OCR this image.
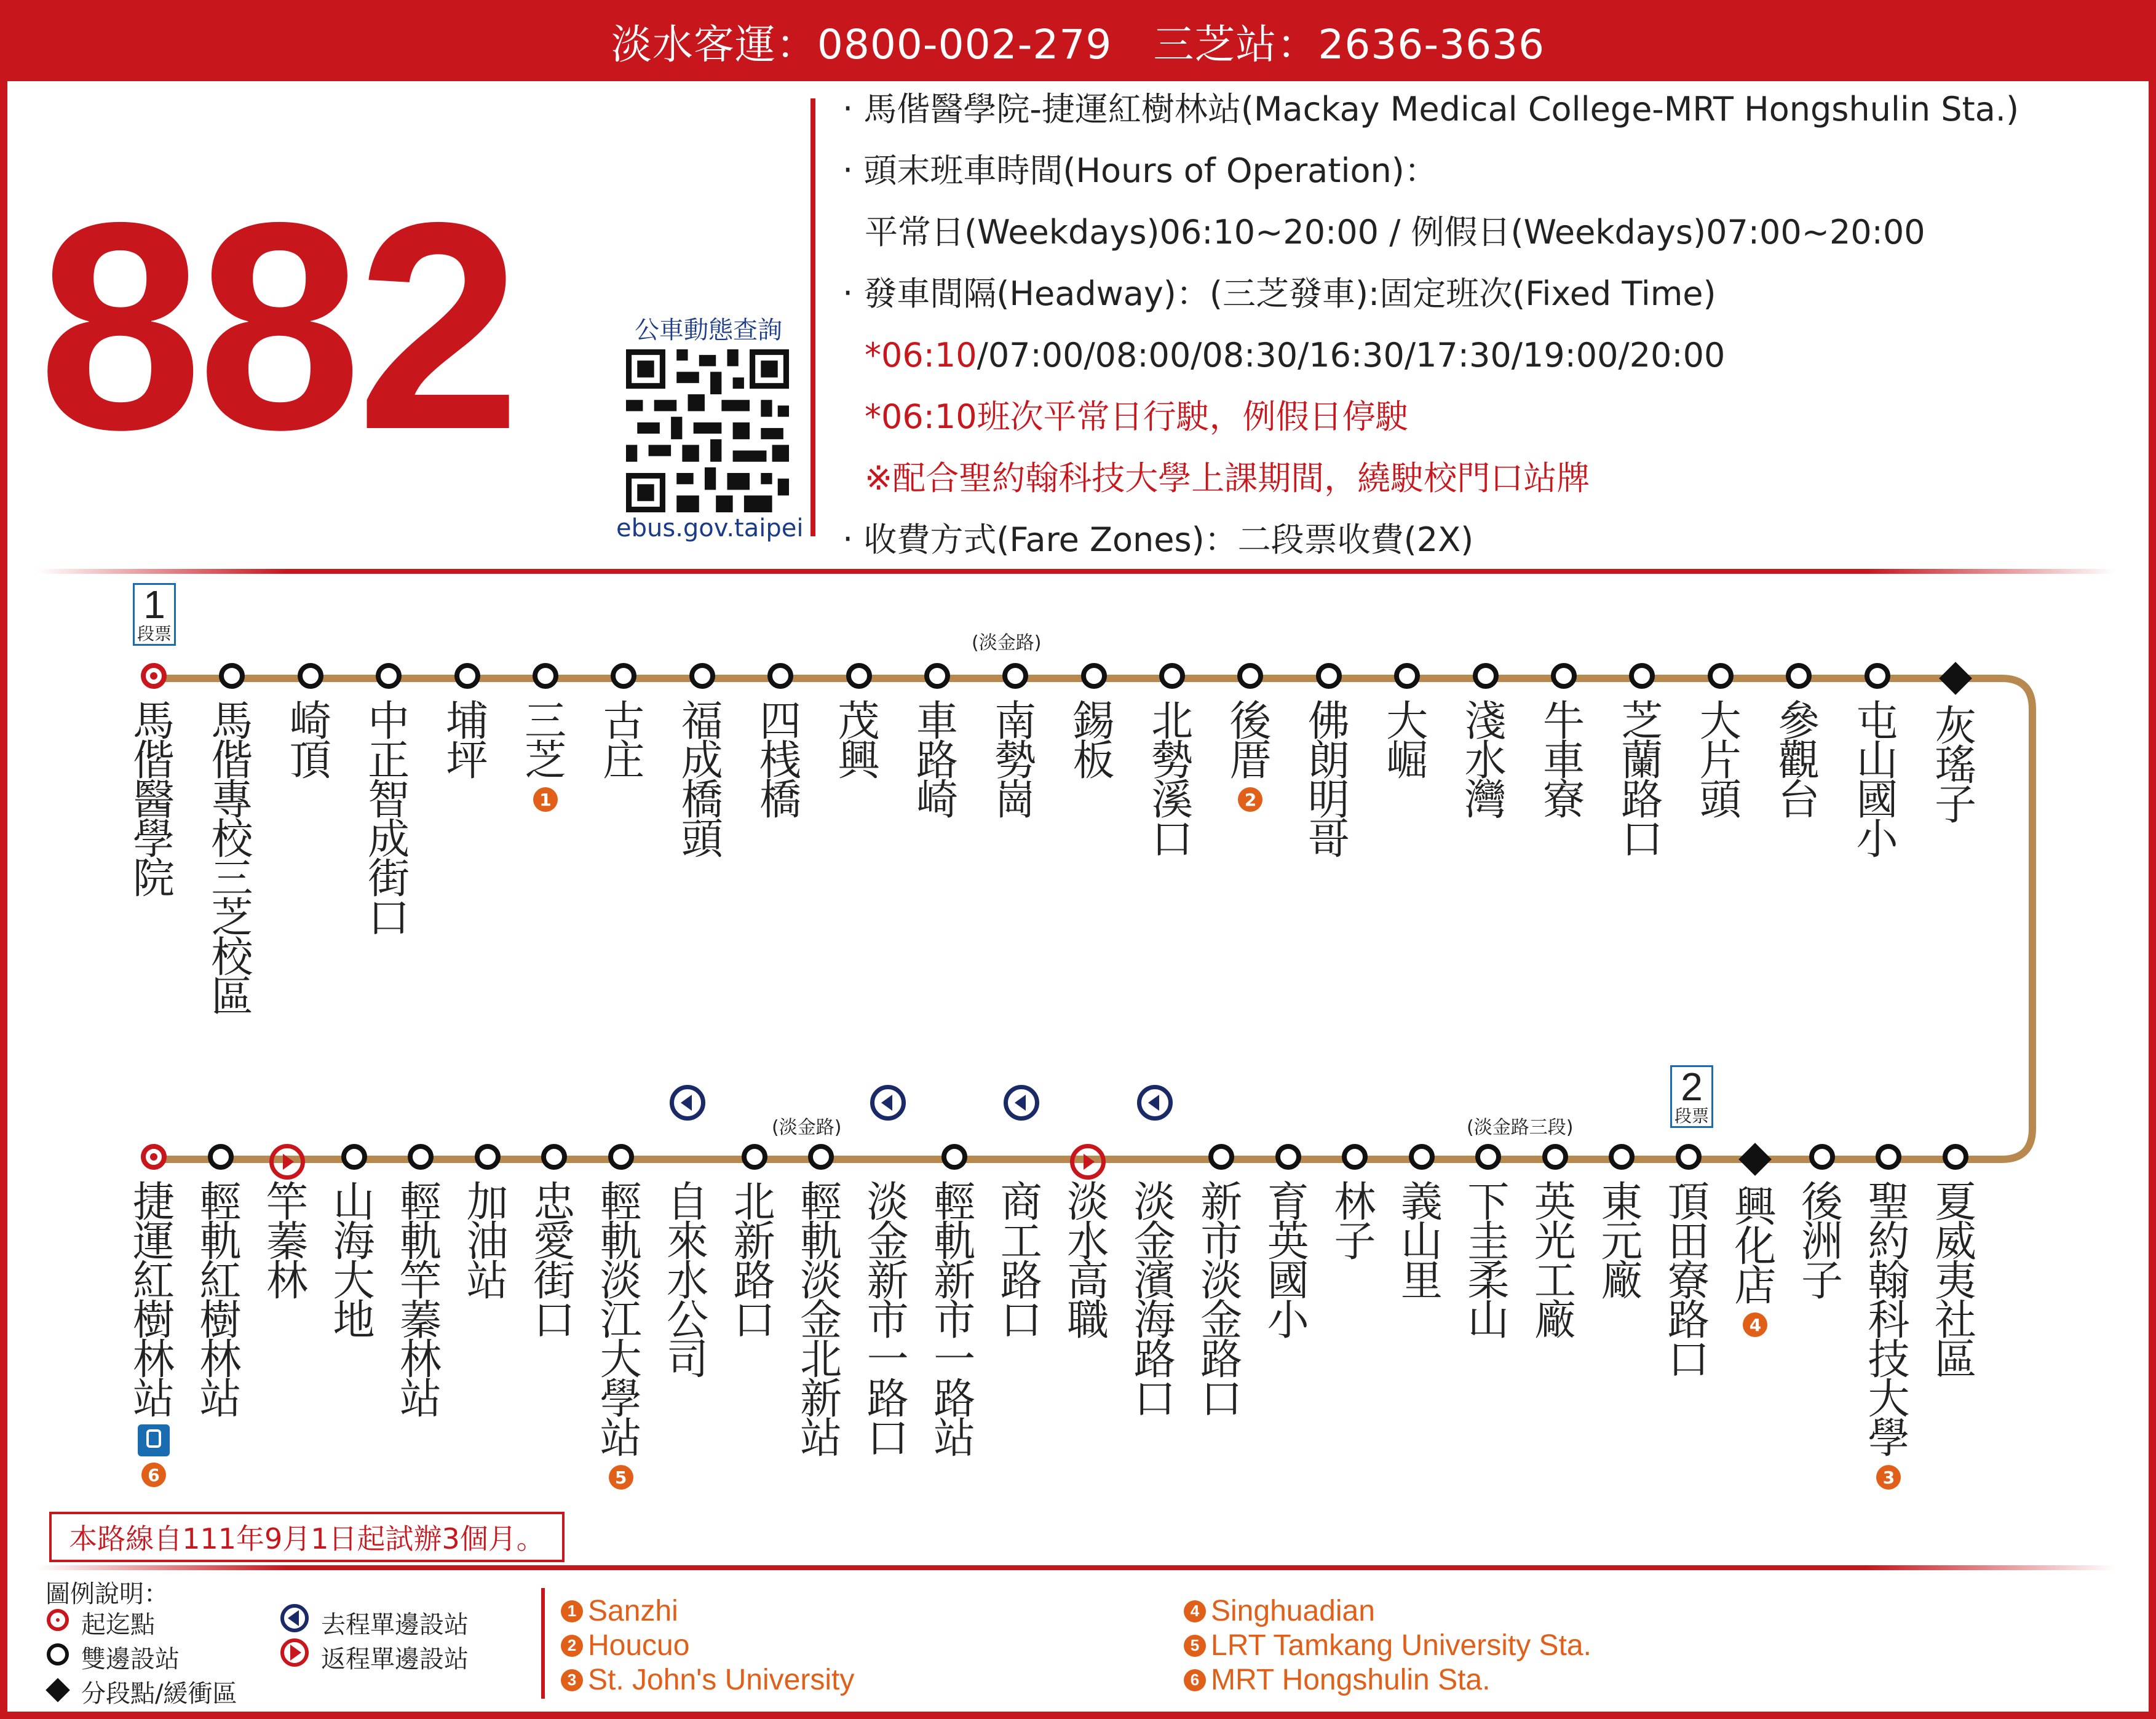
淡水客運：0800-002-279　三芝站：2636-3636
882	公車動態查詢
ebus.gov.taipei
‧ 馬偕醫學院-捷運紅樹林站(Mackay Medical College-MRT Hongshulin Sta.)
‧ 頭末班車時間(Hours of Operation)：
平常日(Weekdays)06:10~20:00 / 例假日(Weekdays)07:00~20:00
‧ 發車間隔(Headway)：(三芝發車):固定班次(Fixed Time)
*06:10/07:00/08:00/08:30/16:30/17:30/19:00/20:00
*06:10班次平常日行駛，例假日停駛
※配合聖約翰科技大學上課期間，繞駛校門口站牌
‧ 收費方式(Fare Zones)：二段票收費(2X)
1
段票
2
段票
(淡金路)
(淡金路)	(淡金路三段)
馬偕醫學院
馬偕專校三芝校區
崎頂
中正智成街口
埔坪
三芝
1
古庄
福成橋頭
四桟橋
茂興
車路崎
南勢崗
錫板
北勢溪口
後厝
2
佛朗明哥
大崛
淺水灣
牛車寮
芝蘭路口
大片頭
參觀台
屯山國小
灰瑤子
捷運紅樹林站
6
輕軌紅樹林站
竿蓁林
山海大地
輕軌竿蓁林站
加油站
忠愛街口
輕軌淡江大學站
5
自來水公司
北新路口
輕軌淡金北新站
淡金新市一路口
輕軌新市一路站
商工路口
淡水高職
淡金濱海路口
新市淡金路口
育英國小
林子
義山里
下圭柔山
英光工廠
東元廠
頂田寮路口
興化店
4
後洲子
聖約翰科技大學
3
夏威夷社區
本路線自111年9月1日起試辦3個月。
圖例說明：
起迄點
雙邊設站
分段點/緩衝區
去程單邊設站
返程單邊設站
1 Sanzhi
2 Houcuo
3 St. John's University
4 Singhuadian
5 LRT Tamkang University Sta.
6 MRT Hongshulin Sta.
